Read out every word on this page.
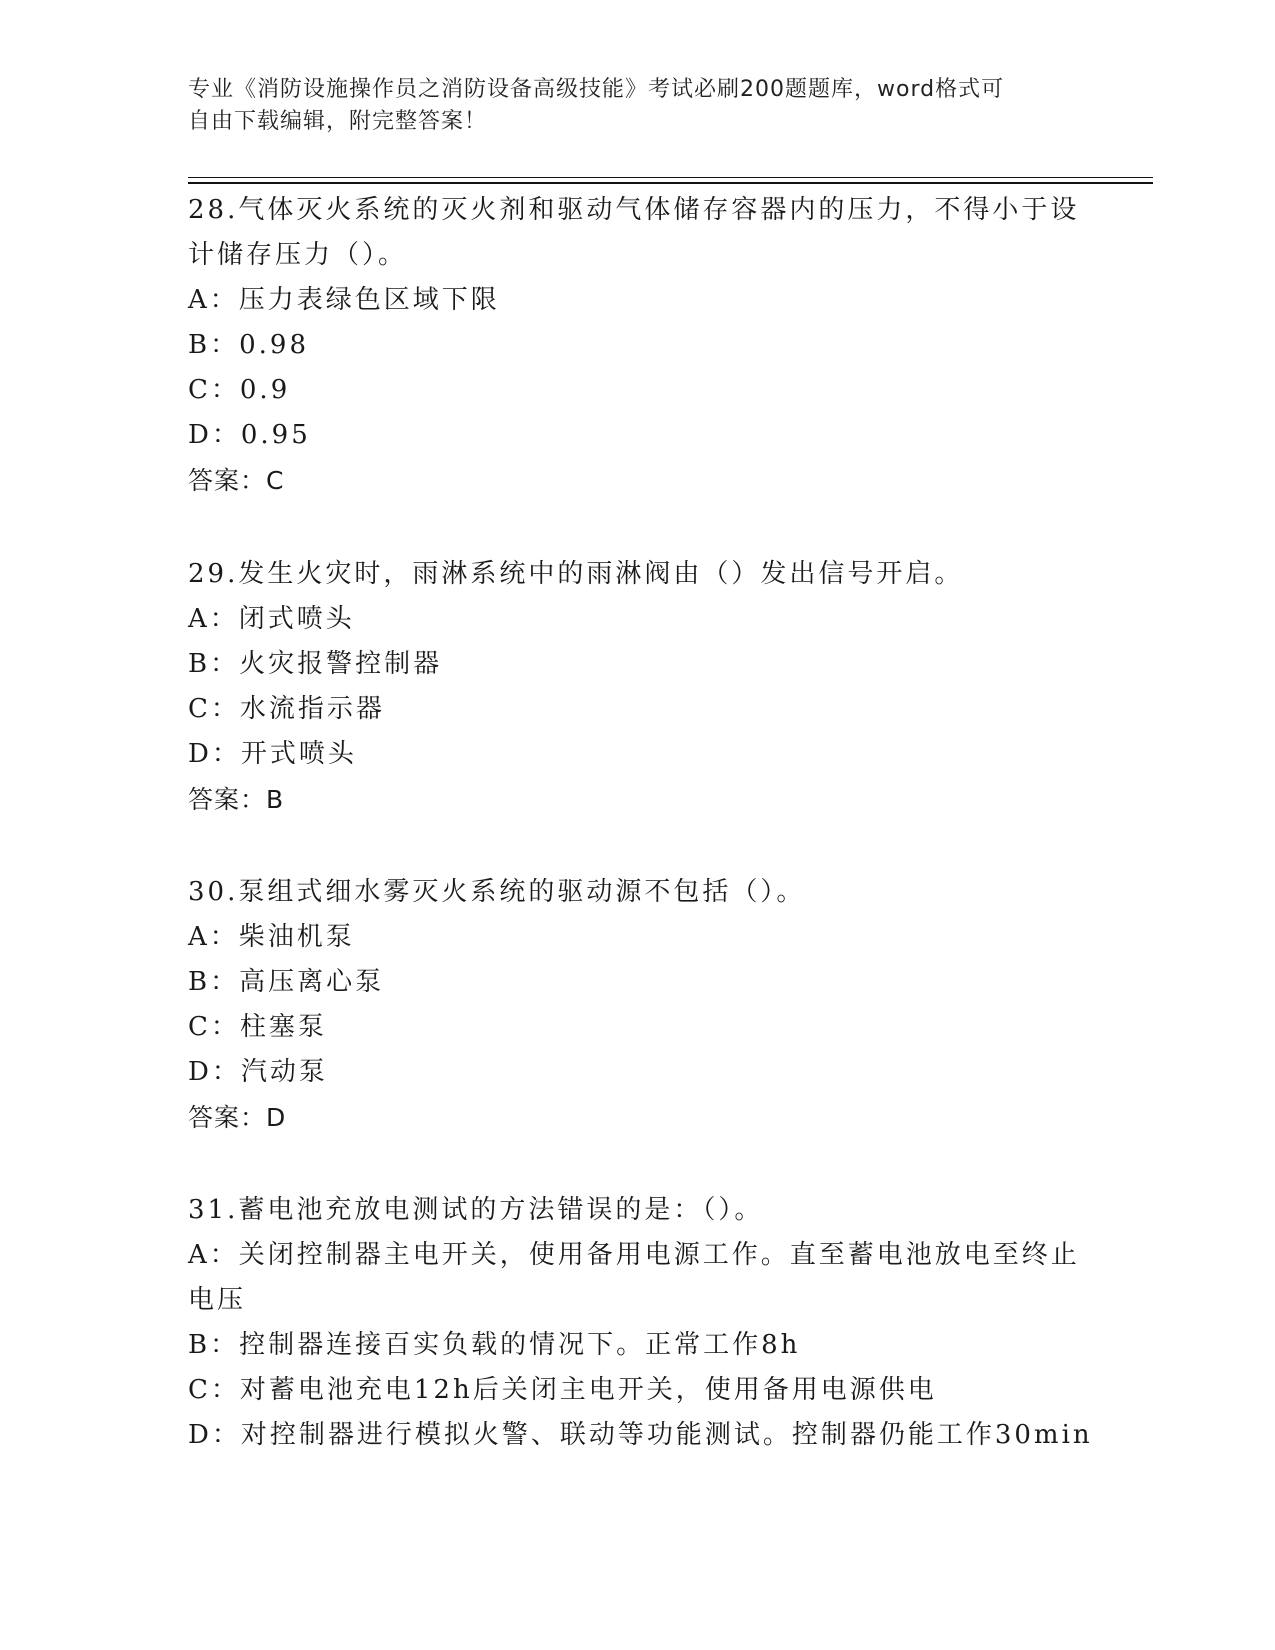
专业《消防设施操作员之消防设备高级技能》考试必刷200题题库，word格式可
自由下载编辑，附完整答案！
28.气体灭火系统的灭火剂和驱动气体储存容器内的压力，不得小于设
计储存压力（）。
A：压力表绿色区域下限
B：0.98
C：0.9
D：0.95
答案：C
29.发生火灾时，雨淋系统中的雨淋阀由（）发出信号开启。
A：闭式喷头
B：火灾报警控制器
C：水流指示器
D：开式喷头
答案：B
30.泵组式细水雾灭火系统的驱动源不包括（）。
A：柴油机泵
B：高压离心泵
C：柱塞泵
D：汽动泵
答案：D
31.蓄电池充放电测试的方法错误的是：（）。
A：关闭控制器主电开关，使用备用电源工作。直至蓄电池放电至终止
电压
B：控制器连接百实负载的情况下。正常工作8h
C：对蓄电池充电12h后关闭主电开关，使用备用电源供电
D：对控制器进行模拟火警、联动等功能测试。控制器仍能工作30min
